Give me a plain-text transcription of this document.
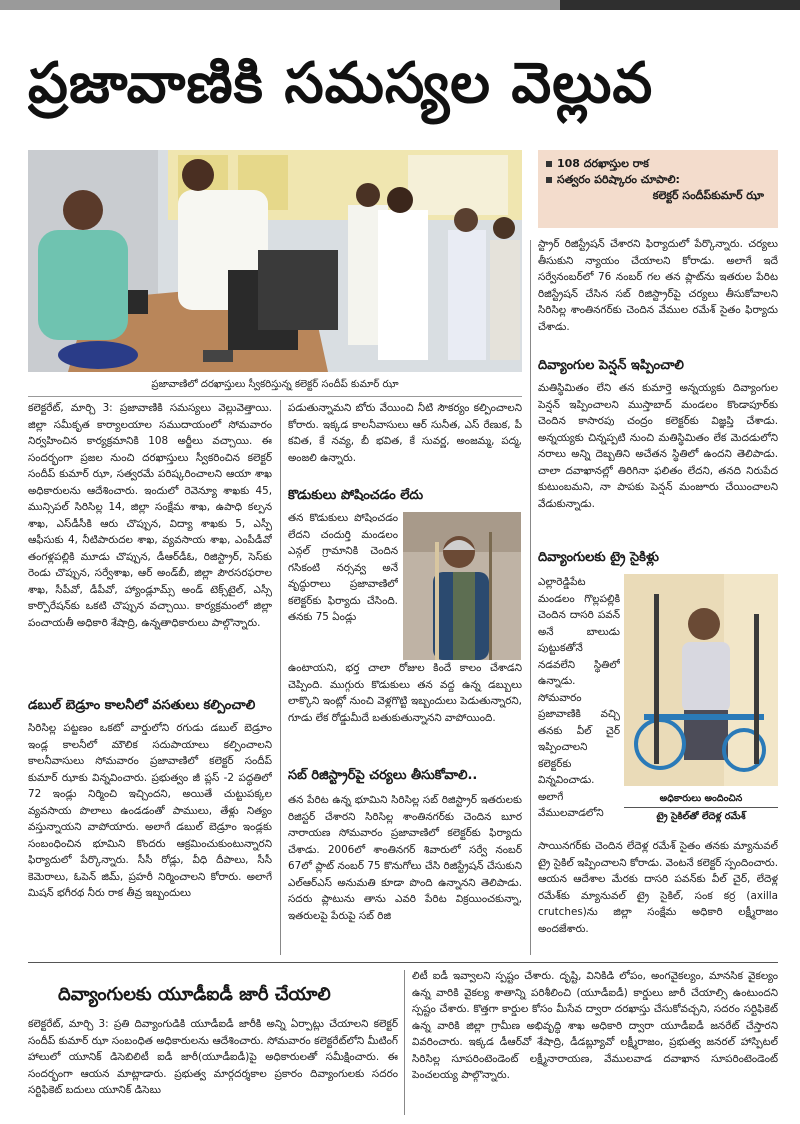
ప్రజావాణికి సమస్యల వెల్లువ
ప్రజావాణిలో దరఖాస్తులు స్వీకరిస్తున్న కలెక్టర్ సందీప్ కుమార్ ఝా
108 దరఖాస్తుల రాక
సత్వరం పరిష్కారం చూపాలి:
కలెక్టర్ సందీప్‌కుమార్ ఝా
కలెక్టరేట్, మార్చి 3: ప్రజావాణికి సమస్యలు వెల్లువెత్తాయి. జిల్లా సమీకృత కార్యాలయాల సముదాయంలో సోమవారం నిర్వహించిన కార్యక్రమానికి 108 అర్జీలు వచ్చాయి. ఈ సందర్భంగా ప్రజల నుంచి దరఖాస్తులు స్వీకరించిన కలెక్టర్ సందీప్ కుమార్ ఝా, సత్వరమే పరిష్కరించాలని ఆయా శాఖ అధికారులను ఆదేశించారు. ఇందులో రెవెన్యూ శాఖకు 45, మున్సిపల్ సిరిసిల్ల 14, జిల్లా సంక్షేమ శాఖ, ఉపాధి కల్పన శాఖ, ఎస్‌డీసీకి ఆరు చొప్పున, విద్యా శాఖకు 5, ఎస్పీ ఆఫీసుకు 4, నీటిపారుదల శాఖ, వ్యవసాయ శాఖ, ఎంపీడీవో తంగళ్లపల్లికి మూడు చొప్పున, డీఆర్‌డీఓ, రిజిస్ట్రార్, సెస్‌కు రెండు చొప్పున, సర్వేశాఖ, ఆర్ అండ్‌బీ, జిల్లా పౌరసరఫరాల శాఖ, సీపీవో, డీపీవో, హ్యాండ్లూమ్స్ అండ్ టెక్స్‌టైల్, ఎస్సీ కార్పొరేషన్‌కు ఒకటి చొప్పున వచ్చాయి. కార్యక్రమంలో జిల్లా పంచాయతీ అధికారి శేషాద్రి, ఉన్నతాధికారులు పాల్గొన్నారు.
డబుల్ బెడ్రూం కాలనీలో వసతులు కల్పించాలి
సిరిసిల్ల పట్టణం ఒకటో వార్డులోని రగుడు డబుల్ బెడ్రూం ఇండ్ల కాలనీలో మౌలిక సదుపాయాలు కల్పించాలని కాలనీవాసులు సోమవారం ప్రజావాణిలో కలెక్టర్ సందీప్ కుమార్ ఝాకు విన్నవించారు. ప్రభుత్వం జీ ప్లస్ -2 పద్ధతిలో 72 ఇండ్లు నిర్మించి ఇచ్చిందని, అయితే చుట్టుపక్కల వ్యవసాయ పొలాలు ఉండడంతో పాములు, తేళ్లు నిత్యం వస్తున్నాయని వాపోయారు. అలాగే డబుల్ బెడ్రూం ఇండ్లకు సంబంధించిన భూమిని కొందరు ఆక్రమించుకుంటున్నారని ఫిర్యాదులో పేర్కొన్నారు. సీసీ రోడ్లు, వీధి దీపాలు, సీసీ కెమెరాలు, ఓపెన్ జిమ్, ప్రహరీ నిర్మించాలని కోరారు. అలాగే మిషన్ భగీరథ నీరు రాక తీవ్ర ఇబ్బందులు
పడుతున్నామని బోరు వేయించి నీటి సౌకర్యం కల్పించాలని కోరారు. ఇక్కడ కాలనీవాసులు ఆర్ సునీత, ఎస్ రేణుక, పీ కవిత, కే నవ్య, బీ భవిత, కే సువర్ణ, అంజమ్మ, పద్మ, అంజలి ఉన్నారు.
కొడుకులు పోషించడం లేదు
తన కొడుకులు పోషించడం లేదని చందుర్తి మండలం ఎన్గల్ గ్రామానికి చెందిన గసికంటి నర్సవ్వ అనే వృద్ధురాలు ప్రజావాణిలో కలెక్టర్‌కు ఫిర్యాదు చేసింది. తనకు 75 ఏండ్లు
ఉంటాయని, భర్త చాలా రోజుల కిందే కాలం చేశాడని చెప్పింది. ముగ్గురు కొడుకులు తన వద్ద ఉన్న డబ్బులు లాక్కొని ఇంట్లో నుంచి వెళ్లగొట్టి ఇబ్బందులు పెడుతున్నారని, గూడు లేక రోడ్డుమీదే బతుకుతున్నానని వాపోయింది.
సబ్ రిజిస్ట్రార్‌పై చర్యలు తీసుకోవాలి..
తన పేరిట ఉన్న భూమిని సిరిసిల్ల సబ్ రిజిస్ట్రార్ ఇతరులకు రిజిస్టర్ చేశారని సిరిసిల్ల శాంతినగర్‌కు చెందిన బూర నారాయణ సోమవారం ప్రజావాణిలో కలెక్టర్‌కు ఫిర్యాదు చేశాడు. 2006లో శాంతినగర్ శివారులో సర్వే నంబర్ 67లో ప్లాట్ నంబర్ 75 కొనుగోలు చేసి రిజిస్ట్రేషన్ చేసుకుని ఎల్ఆర్ఎస్ అనుమతి కూడా పొంది ఉన్నానని తెలిపాడు. సదరు ప్లాటును తాను ఎవరి పేరిట విక్రయించకున్నా, ఇతరులపై పేరుపై సబ్ రిజి
స్ట్రార్ రిజిస్ట్రేషన్ చేశారని ఫిర్యాదులో పేర్కొన్నారు. చర్యలు తీసుకుని న్యాయం చేయాలని కోరాడు. అలాగే ఇదే సర్వేనంబర్‌లో 76 నంబర్ గల తన ప్లాట్‌ను ఇతరుల పేరిట రిజిస్ట్రేషన్ చేసిన సబ్ రిజిస్ట్రార్‌పై చర్యలు తీసుకోవాలని సిరిసిల్ల శాంతినగర్‌కు చెందిన వేముల రమేశ్ సైతం ఫిర్యాదు చేశాడు.
దివ్యాంగుల పెన్షన్ ఇప్పించాలి
మతిస్థిమితం లేని తన కుమార్తె అన్నయ్యకు దివ్యాంగుల పెన్షన్ ఇప్పించాలని ముస్తాబాద్ మండలం కొండాపూర్‌కు చెందిన కాసారపు చంద్రం కలెక్టర్‌కు విజ్ఞప్తి చేశాడు. అన్నయ్యకు చిన్నప్పటి నుంచి మతిస్థిమితం లేక మెదడులోని నరాలు అన్ని దెబ్బతిని అచేతన స్థితిలో ఉందని తెలిపాడు. చాలా దవాఖానల్లో తిరిగినా ఫలితం లేదని, తనది నిరుపేద కుటుంబమని, నా పాపకు పెన్షన్ మంజూరు చేయించాలని వేడుకున్నాడు.
దివ్యాంగులకు ట్రై సైకిళ్లు
ఎల్లారెడ్డిపేట మండలం గొల్లపల్లికి చెందిన దాసరి పవన్ అనే బాలుడు పుట్టుకతోనే నడవలేని స్థితిలో ఉన్నాడు. సోమవారం ప్రజావాణికి వచ్చి తనకు వీల్ చైర్ ఇప్పించాలని కలెక్టర్‌కు విన్నవించాడు. అలాగే వేములవాడలోని
అధికారులు అందించిన
ట్రై సైకిల్‌తో లేదెళ్ల రమేశ్
సాయినగర్‌కు చెందిన లేదెళ్ల రమేశ్ సైతం తనకు మ్యానువల్ ట్రై సైకిల్ ఇప్పించాలని కోరాడు. వెంటనే కలెక్టర్ స్పందించారు. ఆయన ఆదేశాల మేరకు దాసరి పవన్‌కు వీల్ చైర్, లేదెళ్ల రమేశ్‌కు మ్యానువల్ ట్రై సైకిల్, సంక కర్ర (axilla crutches)ను జిల్లా సంక్షేమ అధికారి లక్ష్మీరాజం అందజేశారు.
దివ్యాంగులకు యూడీఐడీ జారీ చేయాలి
కలెక్టరేట్, మార్చి 3: ప్రతి దివ్యాంగుడికి యూడీఐడీ జారీకి అన్ని ఏర్పాట్లు చేయాలని కలెక్టర్ సందీప్ కుమార్ ఝా సంబంధిత అధికారులను ఆదేశించారు. సోమవారం కలెక్టరేట్‌లోని మీటింగ్ హాలులో యూనిక్ డిసెబిలిటీ ఐడీ జారీ(యూడీఐడీ)పై అధికారులతో సమీక్షించారు. ఈ సందర్భంగా ఆయన మాట్లాడారు. ప్రభుత్వ మార్గదర్శకాల ప్రకారం దివ్యాంగులకు సదరం సర్టిఫికెట్ బదులు యూనిక్ డిసెబు
లిటీ ఐడీ ఇవ్వాలని స్పష్టం చేశారు. దృష్టి, వినికిడి లోపం, అంగవైకల్యం, మానసిక వైకల్యం ఉన్న వారికి వైకల్య శాతాన్ని పరిశీలించి (యూడీఐడీ) కార్డులు జారీ చేయాల్సి ఉంటుందని స్పష్టం చేశారు. కొత్తగా కార్డుల కోసం మీసేవ ద్వారా దరఖాస్తు చేసుకోవచ్చని, సదరం సర్టిఫికెట్ ఉన్న వారికి జిల్లా గ్రామీణ అభివృద్ధి శాఖ అధికారి ద్వారా యూడీఐడీ జనరేట్ చేస్తారని వివరించారు. ఇక్కడ డీఆర్‌వో శేషాద్రి, డీడబ్ల్యూవో లక్ష్మీరాజం, ప్రభుత్వ జనరల్ హాస్పిటల్ సిరిసిల్ల సూపరింటెండెంట్ లక్ష్మీనారాయణ, వేములవాడ దవాఖాన సూపరింటెండెంట్ పెంచలయ్య పాల్గొన్నారు.
